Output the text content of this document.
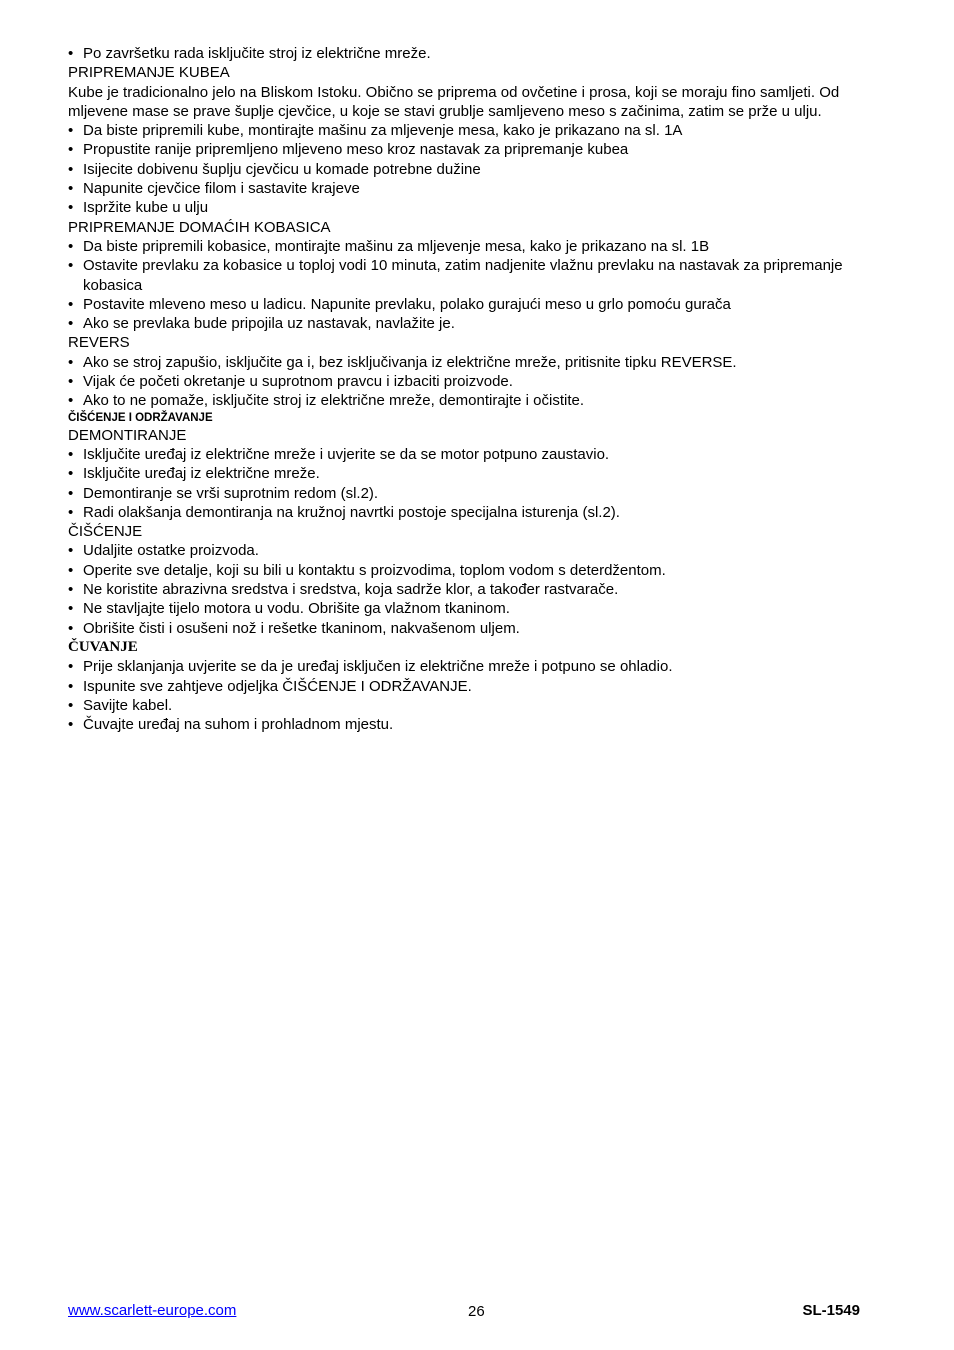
• Po završetku rada isključite stroj iz električne mreže.

PRIPREMANJE KUBEA

Kube je tradicionalno jelo na Bliskom Istoku. Obično se priprema od ovčetine i prosa, koji se moraju fino samljeti. Od mljevene mase se prave šuplje cjevčice, u koje se stavi grublje samljeveno meso s začinima, zatim se prže u ulju.

• Da biste pripremili kube, montirajte mašinu za mljevenje mesa, kako je prikazano na sl. 1A
• Propustite ranije pripremljeno mljeveno meso kroz nastavak za pripremanje kubea
• Isijecite dobivenu šuplju cjevčicu u komade potrebne dužine
• Napunite cjevčice filom i sastavite krajeve
• Ispržite kube u ulju

PRIPREMANJE DOMAĆIH KOBASICA

• Da biste pripremili kobasice, montirajte mašinu za mljevenje mesa, kako je prikazano na sl. 1B
• Ostavite prevlaku za kobasice u toploj vodi 10 minuta, zatim nadjenite vlažnu prevlaku na nastavak za pripremanje kobasica
• Postavite mleveno meso u ladicu. Napunite prevlaku, polako gurajući meso u grlo pomoću gurača
• Ako se prevlaka bude pripojila uz nastavak, navlažite je.

REVERS

• Ako se stroj zapušio, isključite ga i, bez isključivanja iz električne mreže, pritisnite tipku REVERSE.
• Vijak će početi okretanje u suprotnom pravcu i izbaciti proizvode.
• Ako to ne pomaže, isključite stroj iz električne mreže, demontirajte i očistite.

ČIŠĆENJE I ODRŽAVANJE

DEMONTIRANJE

• Isključite uređaj iz električne mreže i uvjerite se da se motor potpuno zaustavio.
• Isključite uređaj iz električne mreže.
• Demontiranje se vrši suprotnim redom (sl.2).
• Radi olakšanja demontiranja na kružnoj navrtki postoje specijalna isturenja (sl.2).

ČIŠĆENJE

• Udaljite ostatke proizvoda.
• Operite sve detalje, koji su bili u kontaktu s proizvodima, toplom vodom s deterdžentom.
• Ne koristite abrazivna sredstva i sredstva, koja sadrže klor, a također rastvarače.
• Ne stavljajte tijelo motora u vodu. Obrišite ga vlažnom tkaninom.
• Obrišite čisti i osušeni nož i rešetke tkaninom, nakvašenom uljem.

ČUVANJE

• Prije sklanjanja uvjerite se da je uređaj isključen iz električne mreže i potpuno se ohladio.
• Ispunite sve zahtjeve odjeljka ČIŠĆENJE I ODRŽAVANJE.
• Savijte kabel.
• Čuvajte uređaj na suhom i prohladnom mjestu.
www.scarlett-europe.com	26	SL-1549
